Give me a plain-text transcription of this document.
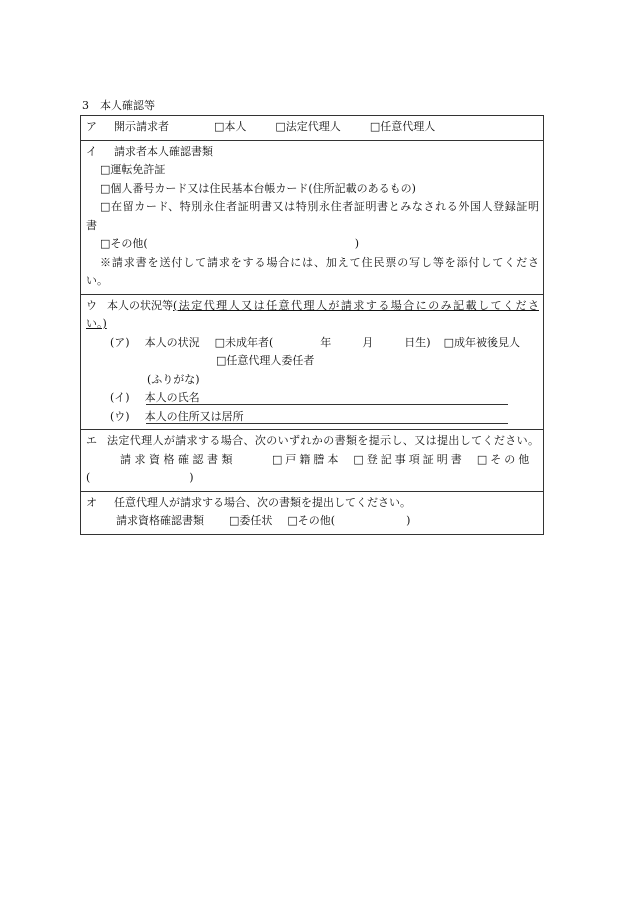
3　本人確認等
ア 開示請求者	□本人	□法定代理人	□任意代理人
イ 請求者本人確認書類
□運転免許証
□個人番号カード又は住民基本台帳カード(住所記載のあるもの)
□在留カード、特別永住者証明書又は特別永住者証明書とみなされる外国人登録証明
書
□その他(	)
※請求書を送付して請求をする場合には、加えて住民票の写し等を添付してくださ
い。
ウ 本人の状況等 (法定代理人又は任意代理人が請求する場合にのみ記載してくださ
い。)
(ア) 本人の状況 □未成年者(	年	月	日生) □成年被後見人
□任意代理人委任者
(ふりがな)
(イ) 本人の氏名
(ウ) 本人の住所又は居所
エ 法定代理人が請求する場合、次のいずれかの書類を提示し、又は提出してください。
請求資格確認書類	□戸籍謄本 □登記事項証明書 □その他
(	)
オ 任意代理人が請求する場合、次の書類を提出してください。
請求資格確認書類 □委任状 □その他(	)
